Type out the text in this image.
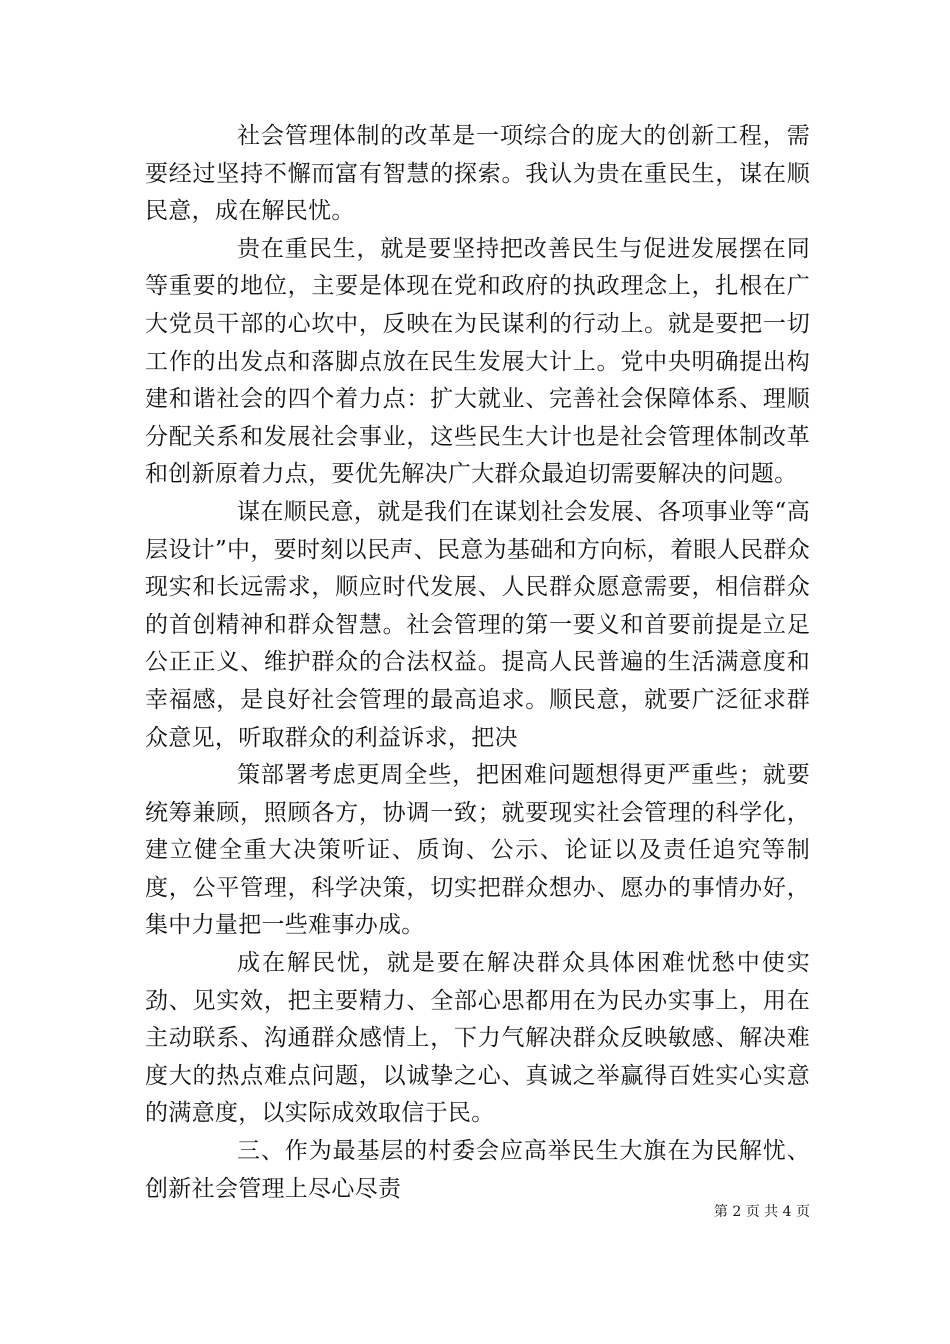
社会管理体制的改革是一项综合的庞大的创新工程，需要经过坚持不懈而富有智慧的探索。我认为贵在重民生，谋在顺民意，成在解民忧。

贵在重民生，就是要坚持把改善民生与促进发展摆在同等重要的地位，主要是体现在党和政府的执政理念上，扎根在广大党员干部的心坎中，反映在为民谋利的行动上。就是要把一切工作的出发点和落脚点放在民生发展大计上。党中央明确提出构建和谐社会的四个着力点：扩大就业、完善社会保障体系、理顺分配关系和发展社会事业，这些民生大计也是社会管理体制改革和创新原着力点，要优先解决广大群众最迫切需要解决的问题。

谋在顺民意，就是我们在谋划社会发展、各项事业等“高层设计”中，要时刻以民声、民意为基础和方向标，着眼人民群众现实和长远需求，顺应时代发展、人民群众愿意需要，相信群众的首创精神和群众智慧。社会管理的第一要义和首要前提是立足公正正义、维护群众的合法权益。提高人民普遍的生活满意度和幸福感，是良好社会管理的最高追求。顺民意，就要广泛征求群众意见，听取群众的利益诉求，把决

策部署考虑更周全些，把困难问题想得更严重些；就要统筹兼顾，照顾各方，协调一致；就要现实社会管理的科学化，建立健全重大决策听证、质询、公示、论证以及责任追究等制度，公平管理，科学决策，切实把群众想办、愿办的事情办好，集中力量把一些难事办成。

成在解民忧，就是要在解决群众具体困难忧愁中使实劲、见实效，把主要精力、全部心思都用在为民办实事上，用在主动联系、沟通群众感情上，下力气解决群众反映敏感、解决难度大的热点难点问题，以诚挚之心、真诚之举赢得百姓实心实意的满意度，以实际成效取信于民。

三、作为最基层的村委会应高举民生大旗在为民解忧、创新社会管理上尽心尽责

第 2 页 共 4 页
